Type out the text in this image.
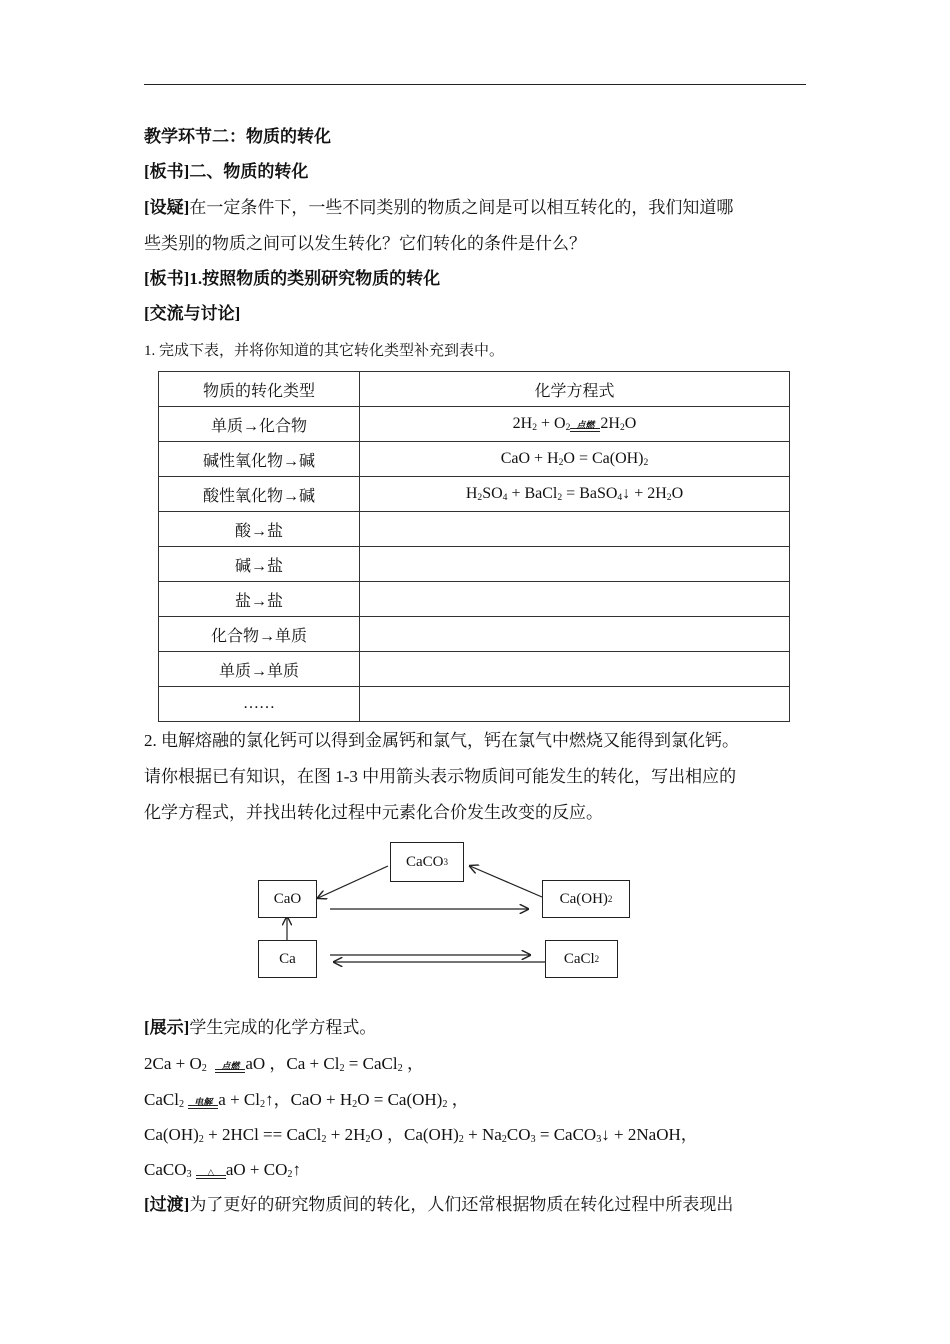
教学环节二：物质的转化
[板书]二、物质的转化
[设疑]在一定条件下，一些不同类别的物质之间是可以相互转化的，我们知道哪
些类别的物质之间可以发生转化？它们转化的条件是什么？
[板书]1.按照物质的类别研究物质的转化
[交流与讨论]
1. 完成下表，并将你知道的其它转化类型补充到表中。
物质的转化类型	化学方程式
单质→化合物	$2H_2 + O_2$ 点燃 $2H_2O$
碱性氧化物→碱	CaO + $H_2O = Ca(OH)_2$
酸性氧化物→碱	$H_2SO_4$ + BaCl$_2$ = BaSO$_4$↓ + $2H_2O$
酸→盐	
碱→盐	
盐→盐	
化合物→单质	
单质→单质	
……	
2. 电解熔融的氯化钙可以得到金属钙和氯气，钙在氯气中燃烧又能得到氯化钙。
请你根据已有知识，在图 1-3 中用箭头表示物质间可能发生的转化，写出相应的
化学方程式，并找出转化过程中元素化合价发生改变的反应。
CaCO 3
CaO	Ca(OH) 2
Ca	CaCl 2
[展示]学生完成的化学方程式。
$2Ca + O_2$	点燃 aO ，$Ca + Cl_2$ = CaCl$_2$ ，
CaCl$_2$	电解 $a + Cl_2↑$，CaO + $H_2O = Ca(OH)_2$ ，
$Ca(OH)_2 + 2HCl$ == CaCl$_2$ + $2H_2O$ ，$Ca(OH)_2 + Na_2CO_3$ = CaCO$_3$↓ + 2NaOH，
CaCO$_3$	△ aO + $CO_2↑$
[过渡]为了更好的研究物质间的转化，人们还常根据物质在转化过程中所表现出
